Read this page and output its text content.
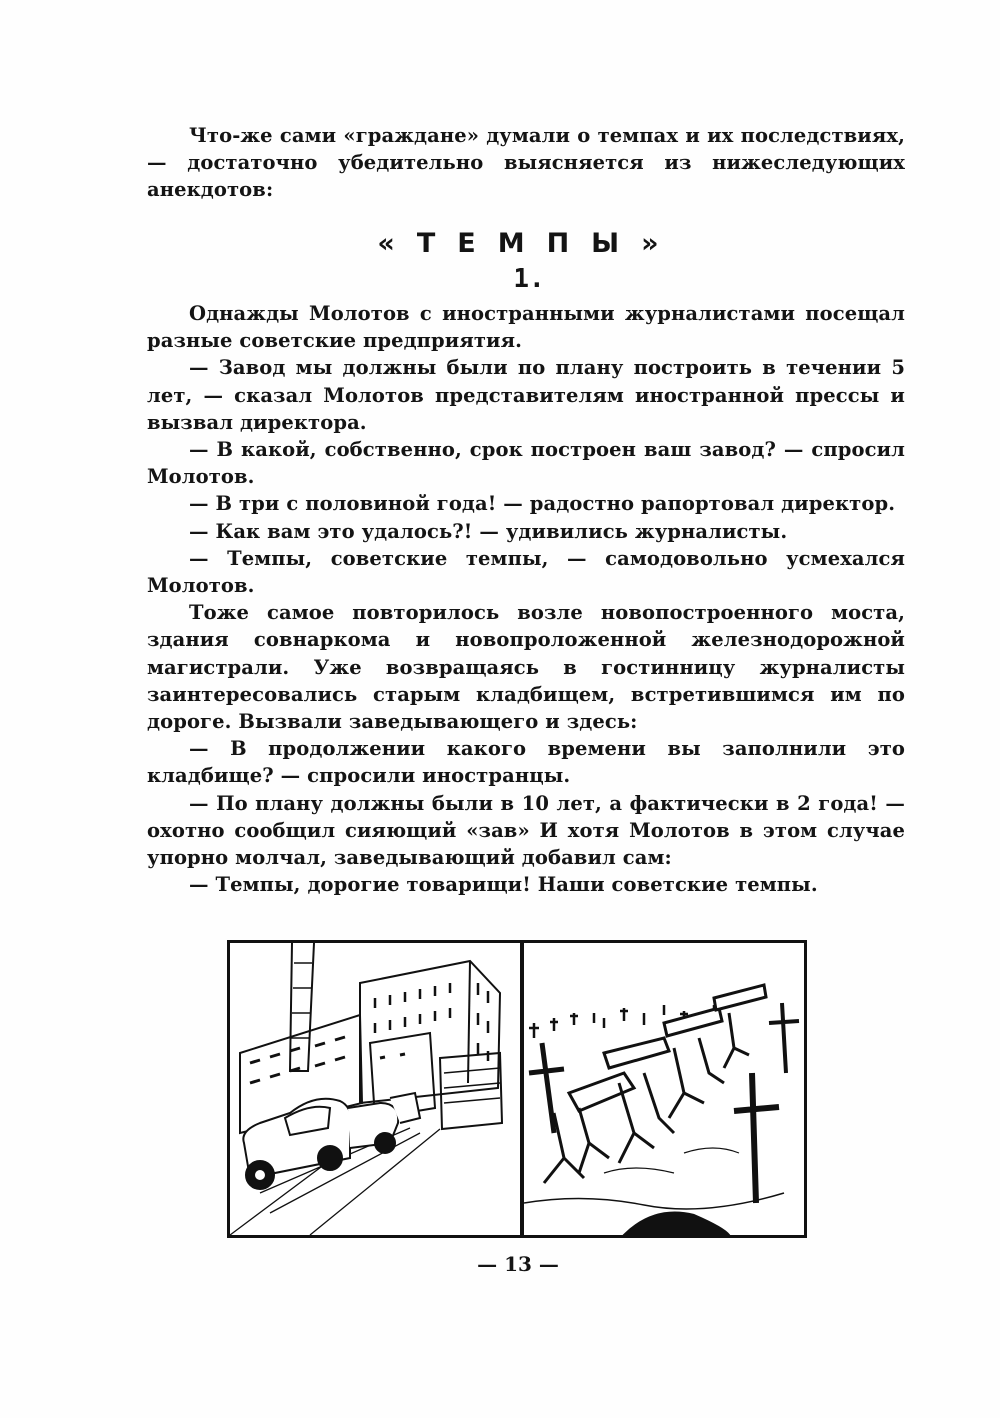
Что-же сами «граждане» думали о темпах и их последствиях, — достаточно убедительно выясняется из нижеследующих анекдотов:

«ТЕМПЫ»
1.

Однажды Молотов с иностранными журналистами посещал разные советские предприятия.

— Завод мы должны были по плану построить в течении 5 лет, — сказал Молотов представителям иностранной прессы и вызвал директора.

— В какой, собственно, срок построен ваш завод? — спросил Молотов.

— В три с половиной года! — радостно рапортовал директор.

— Как вам это удалось?! — удивились журналисты.

— Темпы, советские темпы, — самодовольно усмехался Молотов.

Тоже самое повторилось возле новопостроенного моста, здания совнаркома и новопроложенной железнодорожной магистрали. Уже возвращаясь в гостинницу журналисты заинтересовались старым кладбищем, встретившимся им по дороге. Вызвали заведывающего и здесь:

— В продолжении какого времени вы заполнили это кладбище? — спросили иностранцы.

— По плану должны были в 10 лет, а фактически в 2 года! — охотно сообщил сияющий «зав» И хотя Молотов в этом случае упорно молчал, заведывающий добавил сам:

— Темпы, дорогие товарищи! Наши советские темпы.

— 13 —
